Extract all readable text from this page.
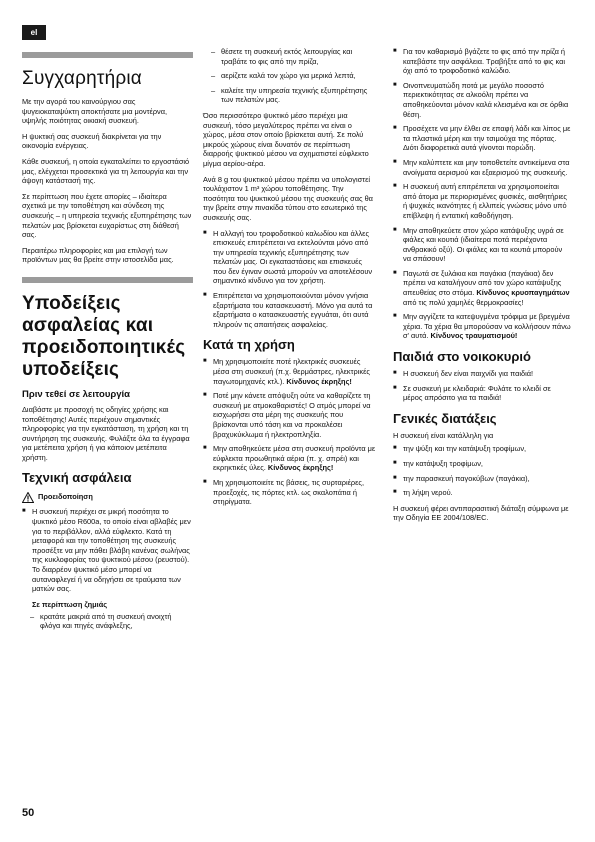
el
Συγχαρητήρια

Με την αγορά του καινούργιου σας ψυγειοκαταψύκτη αποκτήσατε μια μοντέρνα, υψηλής ποιότητας οικιακή συσκευή.

Η ψυκτική σας συσκευή διακρίνεται για την οικονομία ενέργειας.

Κάθε συσκευή, η οποία εγκαταλείπει το εργοστάσιό μας, ελέγχεται προσεκτικά για τη λειτουργία και την άψογη κατάστασή της.

Σε περίπτωση που έχετε απορίες – ιδιαίτερα σχετικά με την τοποθέτηση και σύνδεση της συσκευής – η υπηρεσία τεχνικής εξυπηρέτησης των πελατών μας βρίσκεται ευχαρίστως στη διάθεσή σας.

Περαιτέρω πληροφορίες και μια επιλογή των προϊόντων μας θα βρείτε στην ιστοσελίδα μας.

Υποδείξεις ασφαλείας και προειδοποιητικές υποδείξεις
Πριν τεθεί σε λειτουργία

Διαβάστε με προσοχή τις οδηγίες χρήσης και τοποθέτησης! Αυτές περιέχουν σημαντικές πληροφορίες για την εγκατάσταση, τη χρήση και τη συντήρηση της συσκευής. Φυλάξτε όλα τα έγγραφα για μετέπειτα χρήση ή για κάποιον μετέπειτα χρήστη.

Τεχνική ασφάλεια
Προειδοποίηση
■ Η συσκευή περιέχει σε μικρή ποσότητα το ψυκτικό μέσο R600a, το οποίο είναι αβλαβές μεν για το περιβάλλον, αλλά εύφλεκτο. Κατά τη μεταφορά και την τοποθέτηση της συσκευής προσέξτε να μην πάθει βλάβη κανένας σωλήνας της κυκλοφορίας του ψυκτικού μέσου (ρευστού). Το διαρρέον ψυκτικό μέσο μπορεί να αυταναφλεγεί ή να οδηγήσει σε τραύματα των ματιών σας.
Σε περίπτωση ζημιάς
– κρατάτε μακριά από τη συσκευή ανοιχτή φλόγα και πηγές ανάφλεξης,
– θέσετε τη συσκευή εκτός λειτουργίας και τραβάτε το φις από την πρίζα,
– αερίζετε καλά τον χώρο για μερικά λεπτά,
– καλείτε την υπηρεσία τεχνικής εξυπηρέτησης των πελατών μας.

Όσο περισσότερο ψυκτικό μέσο περιέχει μια συσκευή, τόσο μεγαλύτερος πρέπει να είναι ο χώρος, μέσα στον οποίο βρίσκεται αυτή. Σε πολύ μικρούς χώρους είναι δυνατόν σε περίπτωση διαρροής ψυκτικού μέσου να σχηματιστεί εύφλεκτο μίγμα αερίου-αέρα.

Ανά 8 g του ψυκτικού μέσου πρέπει να υπολογιστεί τουλάχιστον 1 m³ χώρου τοποθέτησης. Την ποσότητα του ψυκτικού μέσου της συσκευής σας θα την βρείτε στην πινακίδα τύπου στο εσωτερικό της συσκευής σας.

■ Η αλλαγή του τροφοδοτικού καλωδίου και άλλες επισκευές επιτρέπεται να εκτελούνται μόνο από την υπηρεσία τεχνικής εξυπηρέτησης των πελατών μας. Οι εγκαταστάσεις και επισκευές που δεν έγιναν σωστά μπορούν να αποτελέσουν σημαντικό κίνδυνο για τον χρήστη.
■ Επιτρέπεται να χρησιμοποιούνται μόνον γνήσια εξαρτήματα του κατασκευαστή. Μόνο για αυτά τα εξαρτήματα ο κατασκευαστής εγγυάται, ότι αυτά πληρούν τις απαιτήσεις ασφαλείας.
Κατά τη χρήση
■ Μη χρησιμοποιείτε ποτέ ηλεκτρικές συσκευές μέσα στη συσκευή (π.χ. θερμάστρες, ηλεκτρικές παγωτομηχανές κτλ.). Κίνδυνος έκρηξης!
■ Ποτέ μην κάνετε απόψυξη ούτε να καθαρίζετε τη συσκευή με ατμοκαθαριστές! Ο ατμός μπορεί να εισχωρήσει στα μέρη της συσκευής που βρίσκονται υπό τάση και να προκαλέσει βραχυκύκλωμα ή ηλεκτροπληξία.
■ Μην αποθηκεύετε μέσα στη συσκευή προϊόντα με εύφλεκτα προωθητικά αέρια (π. χ. σπρέι) και εκρηκτικές ύλες. Κίνδυνος έκρηξης!
■ Μη χρησιμοποιείτε τις βάσεις, τις συρταριέρες, προεξοχές, τις πόρτες κτλ. ως σκαλοπάτια ή στηρίγματα.
■ Για τον καθαρισμό βγάζετε το φις από την πρίζα ή κατεβάστε την ασφάλεια. Τραβήξτε από το φις και όχι από το τροφοδοτικό καλώδιο.
■ Οινοπνευματώδη ποτά με μεγάλο ποσοστό περιεκτικότητας σε αλκοόλη πρέπει να αποθηκεύονται μόνον καλά κλεισμένα και σε όρθια θέση.
■ Προσέχετε να μην έλθει σε επαφή λάδι και λίπος με τα πλαστικά μέρη και την τσιμούχα της πόρτας. Διότι διαφορετικά αυτά γίνονται πορώδη.
■ Μην καλύπτετε και μην τοποθετείτε αντικείμενα στα ανοίγματα αερισμού και εξαερισμού της συσκευής.
■ Η συσκευή αυτή επιτρέπεται να χρησιμοποιείται από άτομα με περιορισμένες φυσικές, αισθητήριες ή ψυχικές ικανότητες ή ελλιπείς γνώσεις μόνο υπό επίβλεψη ή εντατική καθοδήγηση.
■ Μην αποθηκεύετε στον χώρο κατάψυξης υγρά σε φιάλες και κουτιά (ιδιαίτερα ποτά περιέχοντα ανθρακικό οξύ). Οι φιάλες και τα κουτιά μπορούν να σπάσουν!
■ Παγωτά σε ξυλάκια και παγάκια (παγάκια) δεν πρέπει να καταλήγουν από τον χώρο κατάψυξης απευθείας στο στόμα. Κίνδυνος κρυοπαγημάτων από τις πολύ χαμηλές θερμοκρασίες!
■ Μην αγγίζετε τα κατεψυγμένα τρόφιμα με βρεγμένα χέρια. Τα χέρια θα μπορούσαν να κολλήσουν πάνω σ' αυτά. Κίνδυνος τραυματισμού!
Παιδιά στο νοικοκυριό
■ Η συσκευή δεν είναι παιχνίδι για παιδιά!
■ Σε συσκευή με κλειδαριά: Φυλάτε το κλειδί σε μέρος απρόσιτο για τα παιδιά!
Γενικές διατάξεις

Η συσκευή είναι κατάλληλη για

■ την ψύξη και την κατάψυξη τροφίμων,
■ την κατάψυξη τροφίμων,
■ την παρασκευή παγοκύβων (παγάκια),
■ τη λήψη νερού.

Η συσκευή φέρει αντιπαρασιτική διάταξη σύμφωνα με την Οδηγία ΕΕ 2004/108/EC.

50
